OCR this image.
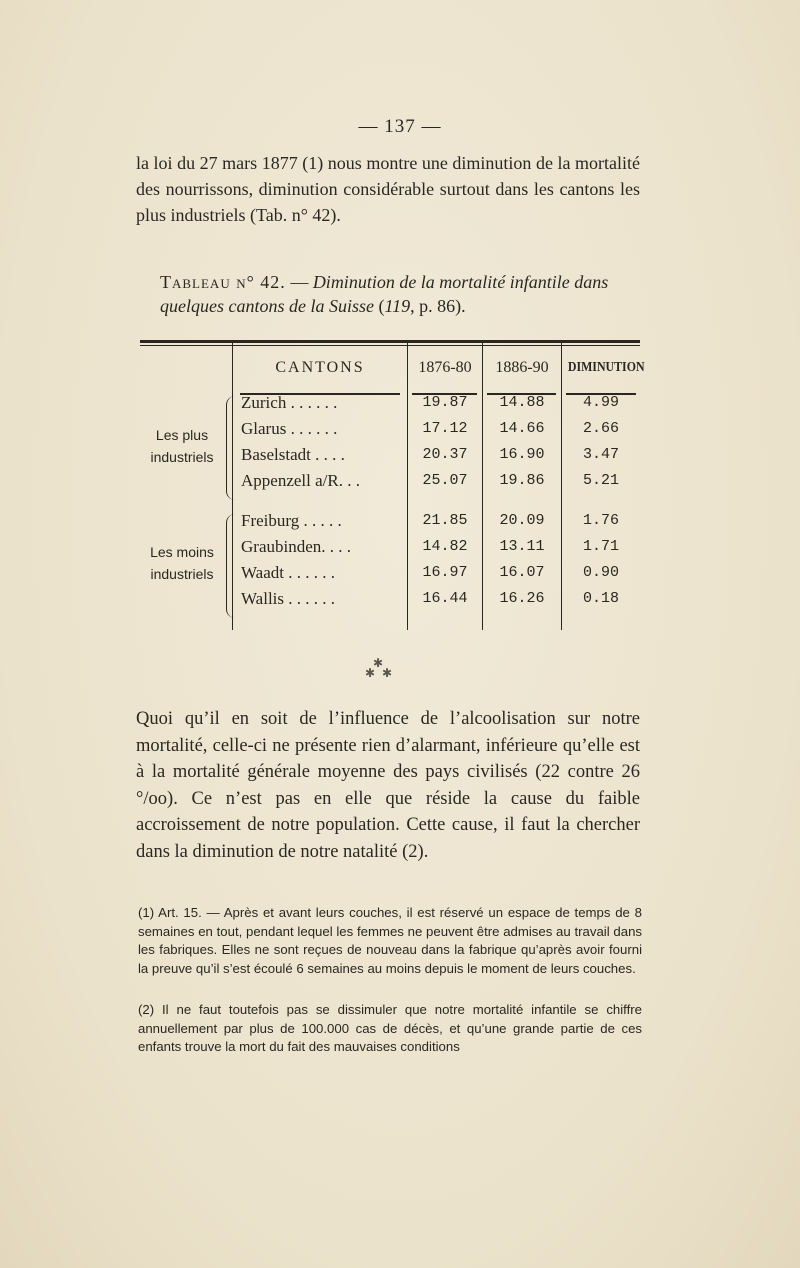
— 137 —

la loi du 27 mars 1877 (1) nous montre une diminution de la mortalité des nourrissons, diminution considérable surtout dans les cantons les plus industriels (Tab. n° 42).

Tableau n° 42. — Diminution de la mortalité infantile dans quelques cantons de la Suisse (119, p. 86).
CANTONS	1876-80	1886-90	DIMINUTION
Les plus
industriels
Zurich . . . . . .	19.87	14.88	4.99
Glarus . . . . . .	17.12	14.66	2.66
Baselstadt . . . .	20.37	16.90	3.47
Appenzell a/R. . .	25.07	19.86	5.21
Les moins
industriels
Freiburg . . . . .	21.85	20.09	1.76
Graubinden. . . .	14.82	13.11	1.71
Waadt . . . . . .	16.97	16.07	0.90
Wallis . . . . . .	16.44	16.26	0.18
✱
✱ ✱

Quoi qu’il en soit de l’influence de l’alcoolisation sur notre mortalité, celle-ci ne présente rien d’alarmant, inférieure qu’elle est à la mortalité générale moyenne des pays civilisés (22 contre 26 °/oo). Ce n’est pas en elle que réside la cause du faible accroissement de notre population. Cette cause, il faut la chercher dans la diminution de notre natalité (2).

(1) Art. 15. — Après et avant leurs couches, il est réservé un espace de temps de 8 semaines en tout, pendant lequel les femmes ne peuvent être admises au travail dans les fabriques. Elles ne sont reçues de nouveau dans la fabrique qu’après avoir fourni la preuve qu’il s’est écoulé 6 semaines au moins depuis le moment de leurs couches.

(2) Il ne faut toutefois pas se dissimuler que notre mortalité infantile se chiffre annuellement par plus de 100.000 cas de décès, et qu’une grande partie de ces enfants trouve la mort du fait des mauvaises conditions
